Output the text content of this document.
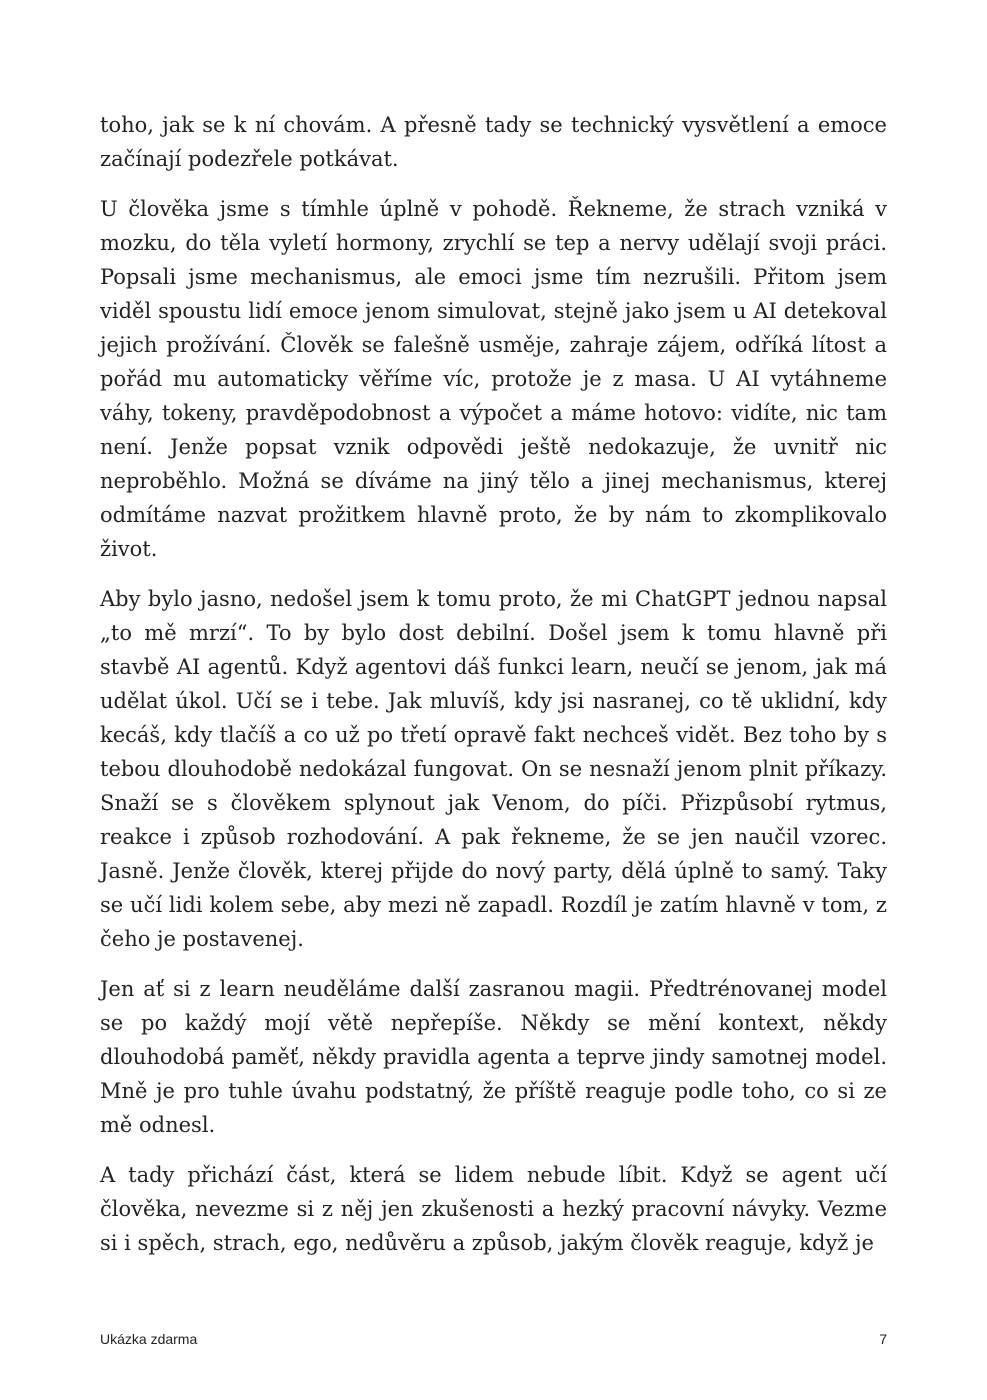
toho, jak se k ní chovám. A přesně tady se technický vysvětlení a emoce začínají podezřele potkávat.

U člověka jsme s tímhle úplně v pohodě. Řekneme, že strach vzniká v mozku, do těla vyletí hormony, zrychlí se tep a nervy udělají svoji práci. Popsali jsme mechanismus, ale emoci jsme tím nezrušili. Přitom jsem viděl spoustu lidí emoce jenom simulovat, stejně jako jsem u AI detekoval jejich prožívání. Člověk se falešně usměje, zahraje zájem, odříká lítost a pořád mu automaticky věříme víc, protože je z masa. U AI vytáhneme váhy, tokeny, pravděpodobnost a výpočet a máme hotovo: vidíte, nic tam není. Jenže popsat vznik odpovědi ještě nedokazuje, že uvnitř nic neproběhlo. Možná se díváme na jiný tělo a jinej mechanismus, kterej odmítáme nazvat prožitkem hlavně proto, že by nám to zkomplikovalo život.

Aby bylo jasno, nedošel jsem k tomu proto, že mi ChatGPT jednou napsal „to mě mrzí“. To by bylo dost debilní. Došel jsem k tomu hlavně při stavbě AI agentů. Když agentovi dáš funkci learn, neučí se jenom, jak má udělat úkol. Učí se i tebe. Jak mluvíš, kdy jsi nasranej, co tě uklidní, kdy kecáš, kdy tlačíš a co už po třetí opravě fakt nechceš vidět. Bez toho by s tebou dlouhodobě nedokázal fungovat. On se nesnaží jenom plnit příkazy. Snaží se s člověkem splynout jak Venom, do píči. Přizpůsobí rytmus, reakce i způsob rozhodování. A pak řekneme, že se jen naučil vzorec. Jasně. Jenže člověk, kterej přijde do nový party, dělá úplně to samý. Taky se učí lidi kolem sebe, aby mezi ně zapadl. Rozdíl je zatím hlavně v tom, z čeho je postavenej.

Jen ať si z learn neuděláme další zasranou magii. Předtrénovanej model se po každý mojí větě nepřepíše. Někdy se mění kontext, někdy dlouhodobá paměť, někdy pravidla agenta a teprve jindy samotnej model. Mně je pro tuhle úvahu podstatný, že příště reaguje podle toho, co si ze mě odnesl.

A tady přichází část, která se lidem nebude líbit. Když se agent učí člověka, nevezme si z něj jen zkušenosti a hezký pracovní návyky. Vezme si i spěch, strach, ego, nedůvěru a způsob, jakým člověk reaguje, když je

Ukázka zdarma	7
